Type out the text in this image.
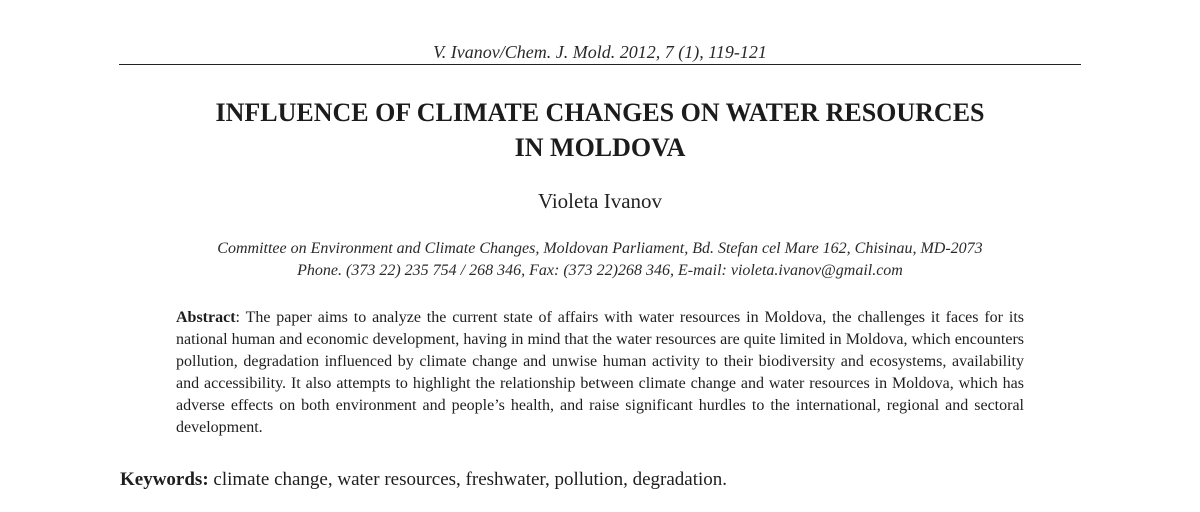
V. Ivanov/Chem. J. Mold. 2012, 7 (1), 119-121
INFLUENCE OF CLIMATE CHANGES ON WATER RESOURCES
IN MOLDOVA
Violeta Ivanov
Committee on Environment and Climate Changes, Moldovan Parliament, Bd. Stefan cel Mare 162, Chisinau, MD-2073
Phone. (373 22) 235 754 / 268 346, Fax: (373 22)268 346, E-mail: violeta.ivanov@gmail.com

Abstract: The paper aims to analyze the current state of affairs with water resources in Moldova, the challenges it faces for its national human and economic development, having in mind that the water resources are quite limited in Moldova, which encounters pollution, degradation influenced by climate change and unwise human activity to their biodiversity and ecosystems, availability and accessibility. It also attempts to highlight the relationship between climate change and water resources in Moldova, which has adverse effects on both environment and people’s health, and raise significant hurdles to the international, regional and sectoral development.

Keywords: climate change, water resources, freshwater, pollution, degradation.
